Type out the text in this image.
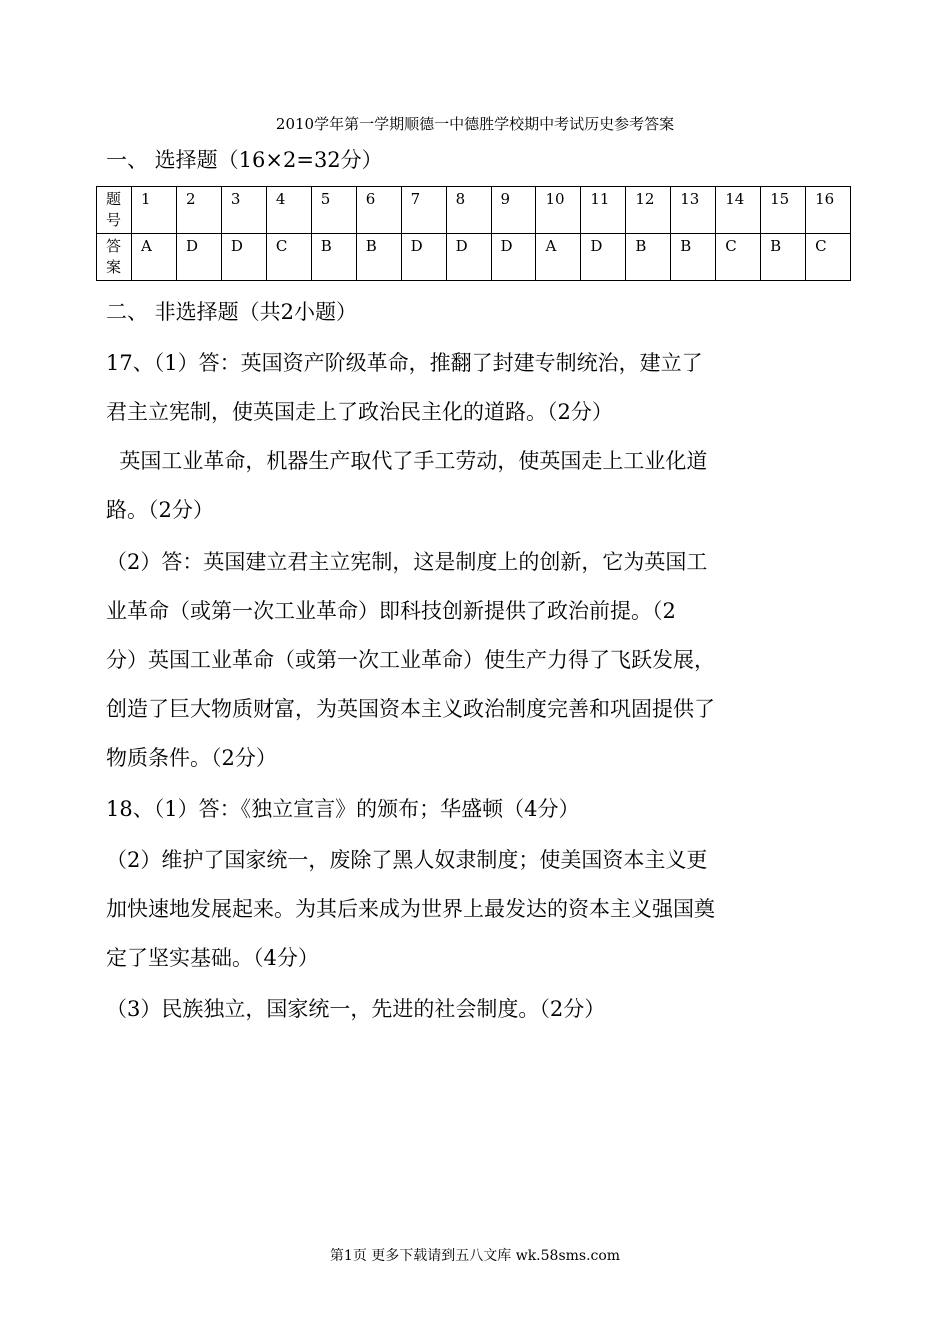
2010学年第一学期顺德一中德胜学校期中考试历史参考答案
一、 选择题（16×2=32分）
题号	1	2	3	4	5	6	7	8	9	10	11	12	13	14	15	16
答案	A	D	D	C	B	B	D	D	D	A	D	B	B	C	B	C
二、 非选择题（共2小题）
17、（1）答：英国资产阶级革命，推翻了封建专制统治，建立了
君主立宪制，使英国走上了政治民主化的道路。（2分）
英国工业革命，机器生产取代了手工劳动，使英国走上工业化道
路。（2分）
（2）答：英国建立君主立宪制，这是制度上的创新，它为英国工
业革命（或第一次工业革命）即科技创新提供了政治前提。（2
分）英国工业革命（或第一次工业革命）使生产力得了飞跃发展，
创造了巨大物质财富，为英国资本主义政治制度完善和巩固提供了
物质条件。（2分）
18、（1）答：《独立宣言》的颁布；华盛顿（4分）
（2）维护了国家统一，废除了黑人奴隶制度；使美国资本主义更
加快速地发展起来。为其后来成为世界上最发达的资本主义强国奠
定了坚实基础。（4分）
（3）民族独立，国家统一，先进的社会制度。（2分）
第1页 更多下载请到五八文库 wk.58sms.com
